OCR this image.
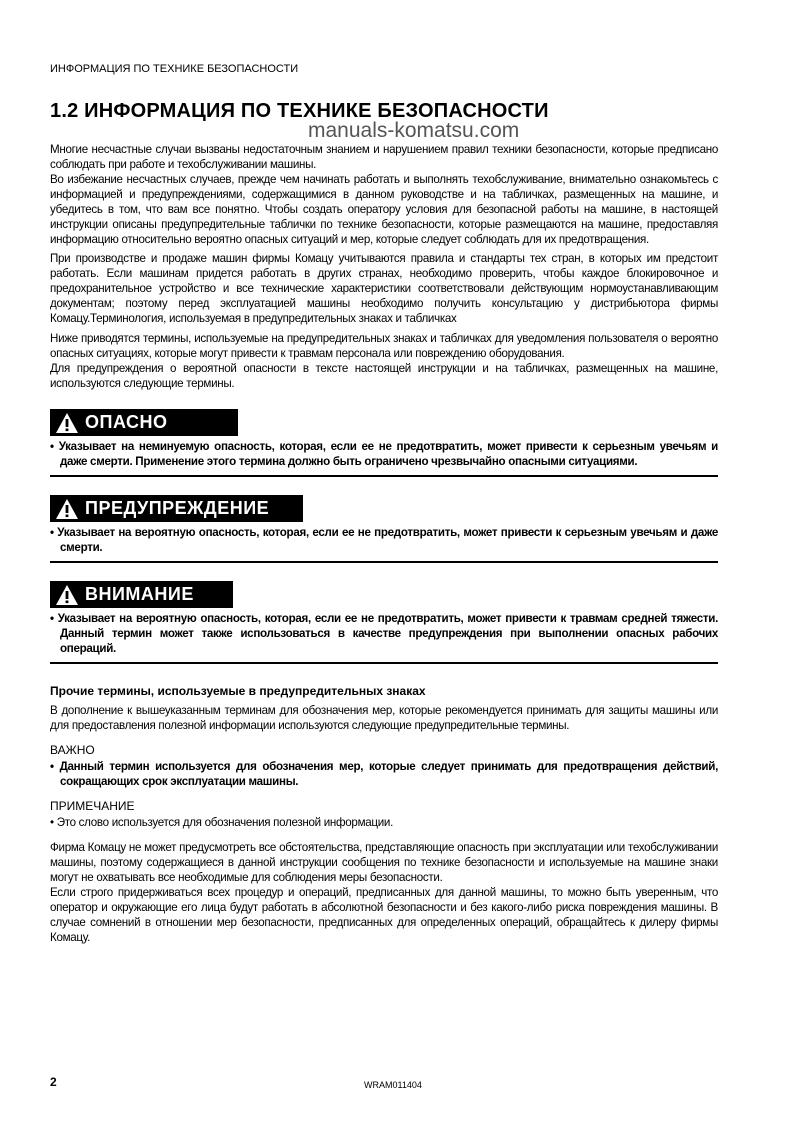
ИНФОРМАЦИЯ ПО ТЕХНИКЕ БЕЗОПАСНОСТИ
1.2 ИНФОРМАЦИЯ ПО ТЕХНИКЕ БЕЗОПАСНОСТИ
manuals-komatsu.com

Многие несчастные случаи вызваны недостаточным знанием и нарушением правил техники безопасности, которые предписано соблюдать при работе и техобслуживании машины.

Во избежание несчастных случаев, прежде чем начинать работать и выполнять техобслуживание, внимательно ознакомьтесь с информацией и предупреждениями, содержащимися в данном руководстве и на табличках, размещенных на машине, и убедитесь в том, что вам все понятно. Чтобы создать оператору условия для безопасной работы на машине, в настоящей инструкции описаны предупредительные таблички по технике безопасности, которые размещаются на машине, предоставляя информацию относительно вероятно опасных ситуаций и мер, которые следует соблюдать для их предотвращения.

При производстве и продаже машин фирмы Комацу учитываются правила и стандарты тех стран, в которых им предстоит работать. Если машинам придется работать в других странах, необходимо проверить, чтобы каждое блокировочное и предохранительное устройство и все технические характеристики соответствовали действующим нормоустанавливающим документам; поэтому перед эксплуатацией машины необходимо получить консультацию у дистрибьютора фирмы Комацу.Терминология, используемая в предупредительных знаках и табличках

Ниже приводятся термины, используемые на предупредительных знаках и табличках для уведомления пользователя о вероятно опасных ситуациях, которые могут привести к травмам персонала или повреждению оборудования.

Для предупреждения о вероятной опасности в тексте настоящей инструкции и на табличках, размещенных на машине, используются следующие термины.

ОПАСНО

• Указывает на неминуемую опасность, которая, если ее не предотвратить, может привести к серьезным увечьям и даже смерти. Применение этого термина должно быть ограничено чрезвычайно опасными ситуациями.

ПРЕДУПРЕЖДЕНИЕ

• Указывает на вероятную опасность, которая, если ее не предотвратить, может привести к серьезным увечьям и даже смерти.

ВНИМАНИЕ

• Указывает на вероятную опасность, которая, если ее не предотвратить, может привести к травмам средней тяжести. Данный термин может также использоваться в качестве предупреждения при выполнении опасных рабочих операций.

Прочие термины, используемые в предупредительных знаках

В дополнение к вышеуказанным терминам для обозначения мер, которые рекомендуется принимать для защиты машины или для предоставления полезной информации используются следующие предупредительные термины.

ВАЖНО

• Данный термин используется для обозначения мер, которые следует принимать для предотвращения действий, сокращающих срок эксплуатации машины.

ПРИМЕЧАНИЕ

• Это слово используется для обозначения полезной информации.

Фирма Комацу не может предусмотреть все обстоятельства, представляющие опасность при эксплуатации или техобслуживании машины, поэтому содержащиеся в данной инструкции сообщения по технике безопасности и используемые на машине знаки могут не охватывать все необходимые для соблюдения меры безопасности.

Если строго придерживаться всех процедур и операций, предписанных для данной машины, то можно быть уверенным, что оператор и окружающие его лица будут работать в абсолютной безопасности и без какого-либо риска повреждения машины. В случае сомнений в отношении мер безопасности, предписанных для определенных операций, обращайтесь к дилеру фирмы Комацу.

2	WRAM011404
